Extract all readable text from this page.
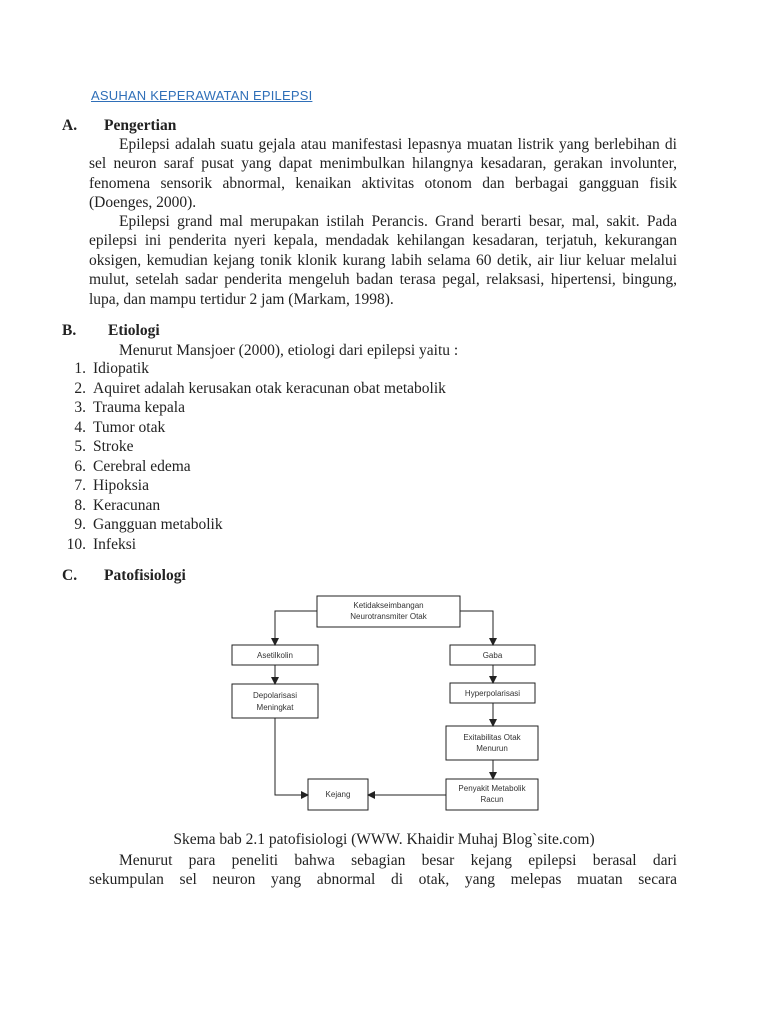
ASUHAN KEPERAWATAN EPILEPSI
A. Pengertian

Epilepsi adalah suatu gejala atau manifestasi lepasnya muatan listrik yang berlebihan di sel neuron saraf pusat yang dapat menimbulkan hilangnya kesadaran, gerakan involunter, fenomena sensorik abnormal, kenaikan aktivitas otonom dan berbagai gangguan fisik (Doenges, 2000).

Epilepsi grand mal merupakan istilah Perancis. Grand berarti besar, mal, sakit. Pada epilepsi ini penderita nyeri kepala, mendadak kehilangan kesadaran, terjatuh, kekurangan oksigen, kemudian kejang tonik klonik kurang labih selama 60 detik, air liur keluar melalui mulut, setelah sadar penderita mengeluh badan terasa pegal, relaksasi, hipertensi, bingung, lupa, dan mampu tertidur 2 jam (Markam, 1998).

B. Etiologi
Menurut Mansjoer (2000), etiologi dari epilepsi yaitu :
1. Idiopatik
2. Aquiret adalah kerusakan otak keracunan obat metabolik
3. Trauma kepala
4. Tumor otak
5. Stroke
6. Cerebral edema
7. Hipoksia
8. Keracunan
9. Gangguan metabolik
10. Infeksi
C. Patofisiologi
Ketidakseimbangan
Neurotransmiter Otak
Asetilkolin	Gaba
Depolarisasi
Meningkat
Hyperpolarisasi
Exitabilitas Otak
Menurun
Kejang
Penyakit Metabolik
Racun
Skema bab 2.1 patofisiologi (WWW. Khaidir Muhaj Blog`site.com)

Menurut para peneliti bahwa sebagian besar kejang epilepsi berasal dari

sekumpulan sel neuron yang abnormal di otak, yang melepas muatan secara
